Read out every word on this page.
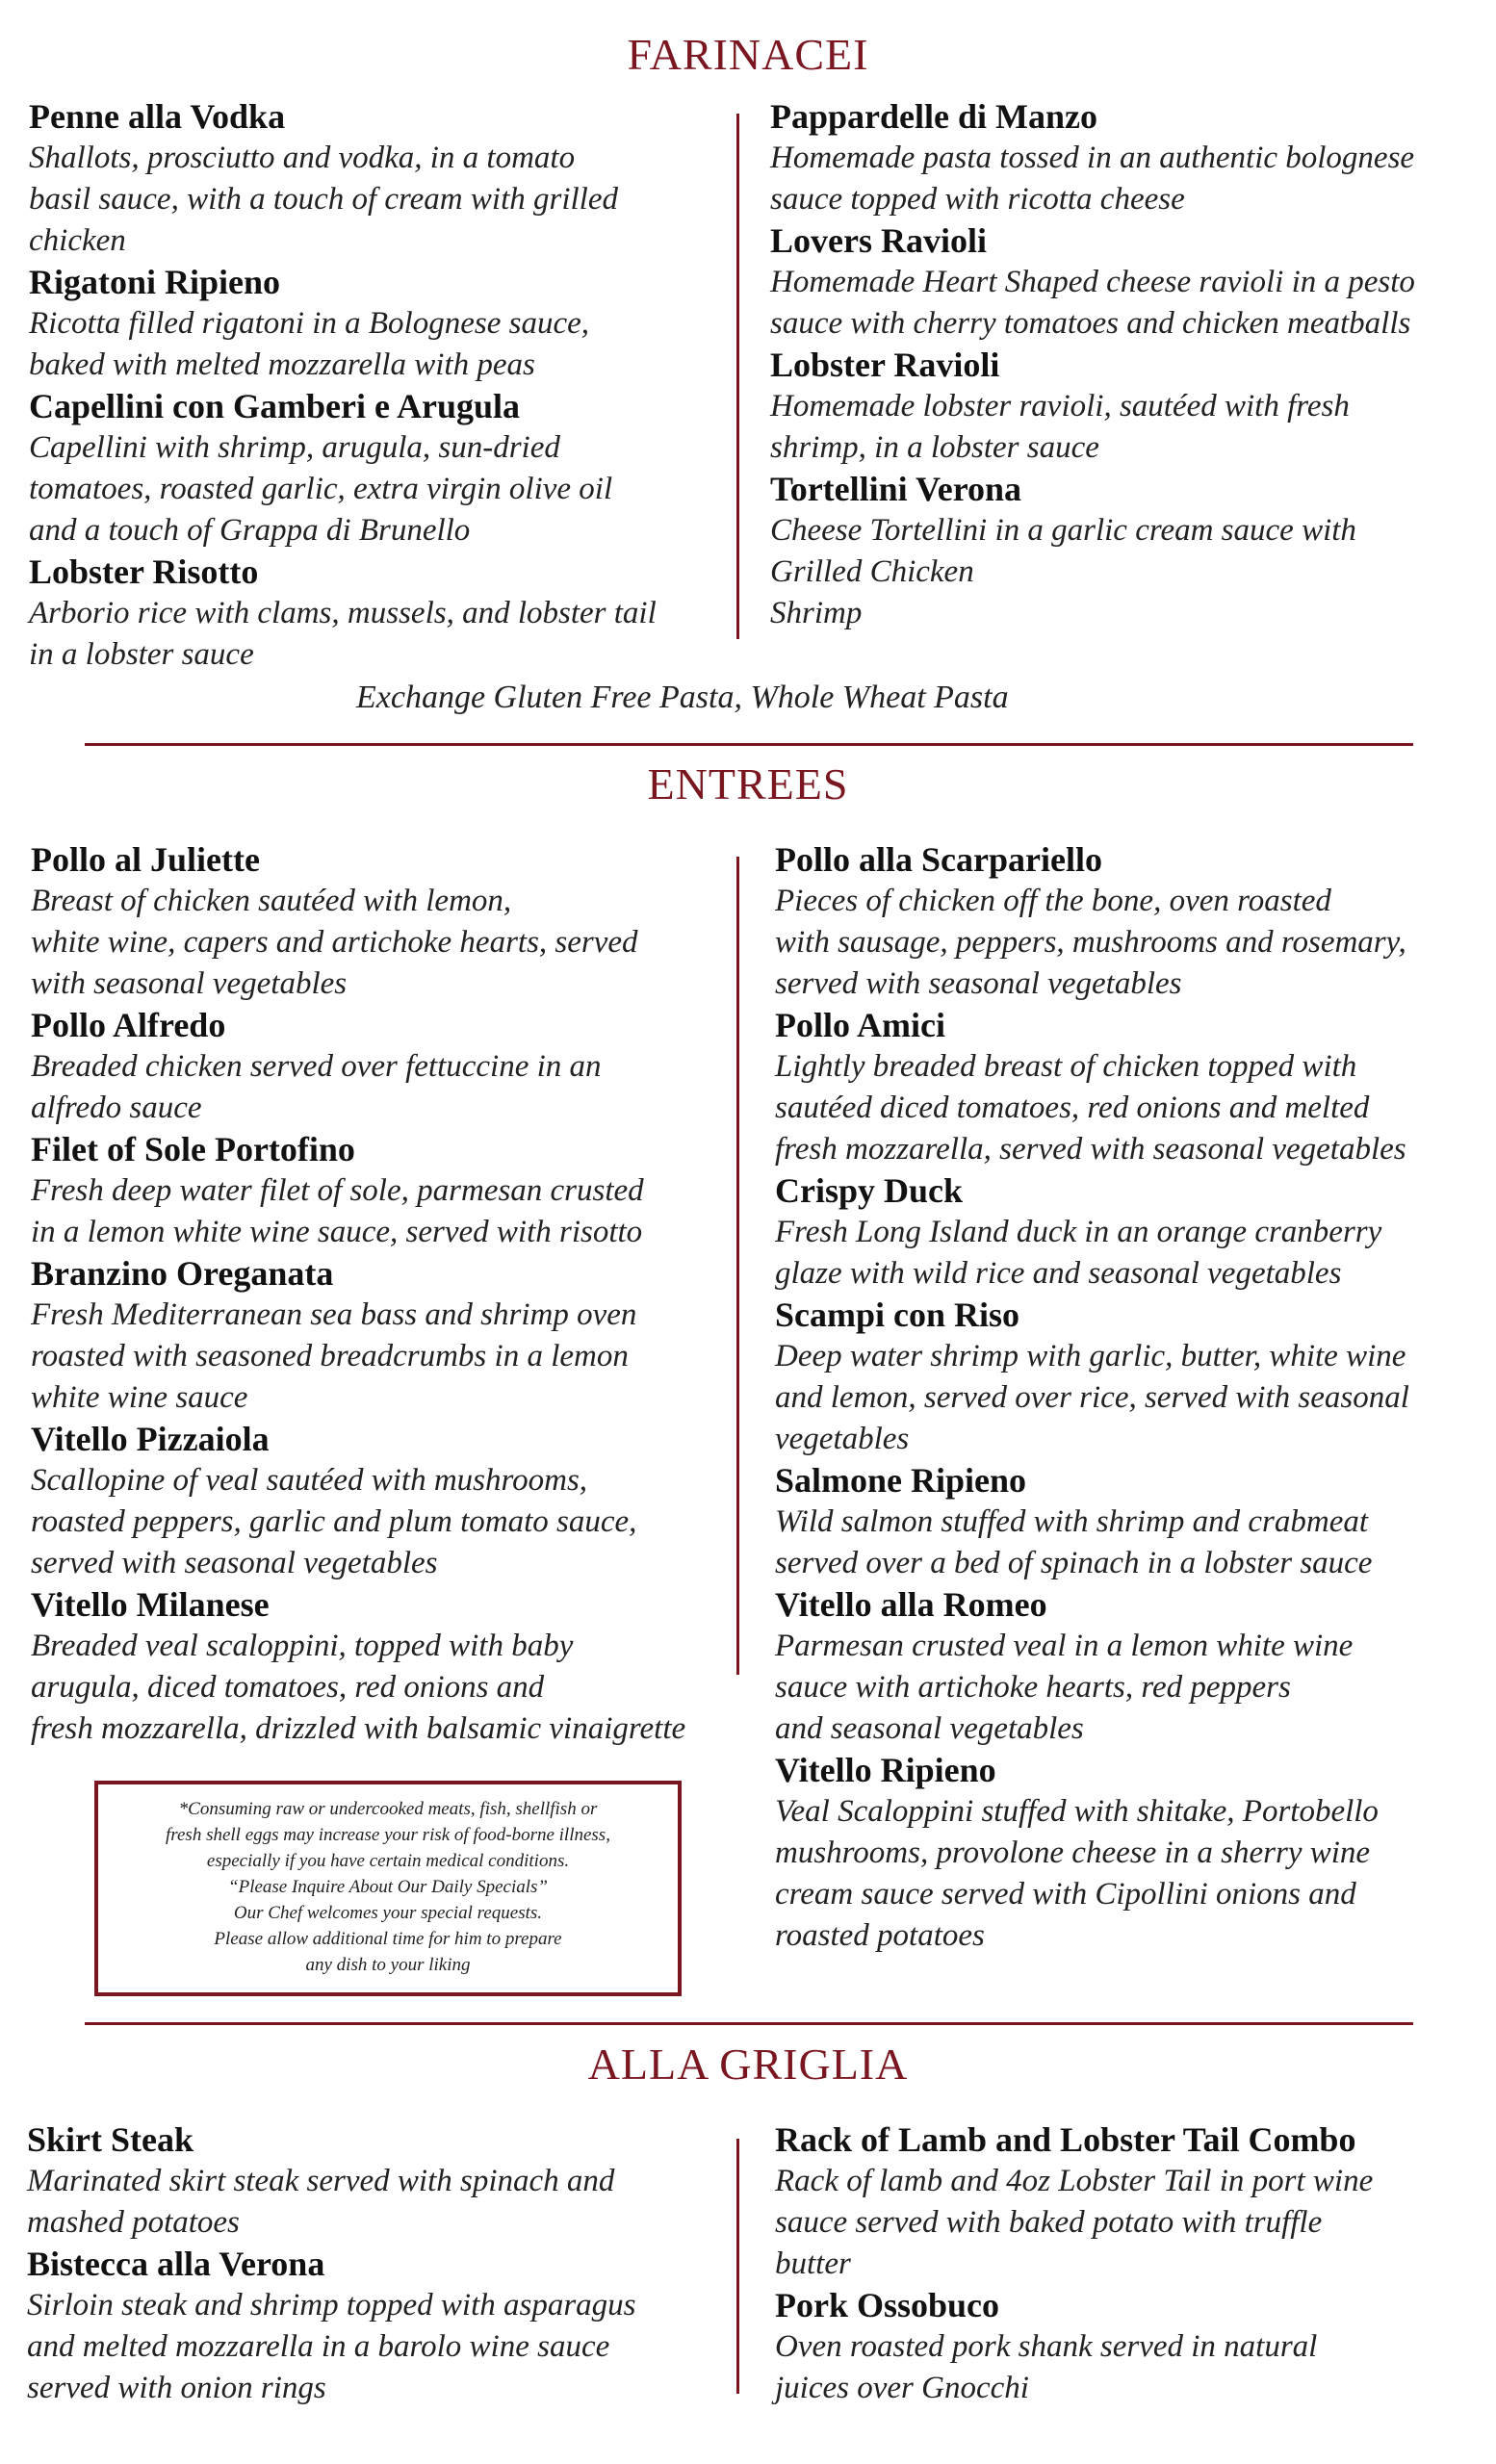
FARINACEI
Penne alla Vodka
Shallots, prosciutto and vodka, in a tomato
basil sauce, with a touch of cream with grilled
chicken
Rigatoni Ripieno
Ricotta filled rigatoni in a Bolognese sauce,
baked with melted mozzarella with peas
Capellini con Gamberi e Arugula
Capellini with shrimp, arugula, sun-dried
tomatoes, roasted garlic, extra virgin olive oil
and a touch of Grappa di Brunello
Lobster Risotto
Arborio rice with clams, mussels, and lobster tail
in a lobster sauce
Pappardelle di Manzo
Homemade pasta tossed in an authentic bolognese
sauce topped with ricotta cheese
Lovers Ravioli
Homemade Heart Shaped cheese ravioli in a pesto
sauce with cherry tomatoes and chicken meatballs
Lobster Ravioli
Homemade lobster ravioli, sautéed with fresh
shrimp, in a lobster sauce
Tortellini Verona
Cheese Tortellini in a garlic cream sauce with
Grilled Chicken
Shrimp
Exchange Gluten Free Pasta, Whole Wheat Pasta
ENTREES
Pollo al Juliette
Breast of chicken sautéed with lemon,
white wine, capers and artichoke hearts, served
with seasonal vegetables
Pollo Alfredo
Breaded chicken served over fettuccine in an
alfredo sauce
Filet of Sole Portofino
Fresh deep water filet of sole, parmesan crusted
in a lemon white wine sauce, served with risotto
Branzino Oreganata
Fresh Mediterranean sea bass and shrimp oven
roasted with seasoned breadcrumbs in a lemon
white wine sauce
Vitello Pizzaiola
Scallopine of veal sautéed with mushrooms,
roasted peppers, garlic and plum tomato sauce,
served with seasonal vegetables
Vitello Milanese
Breaded veal scaloppini, topped with baby
arugula, diced tomatoes, red onions and
fresh mozzarella, drizzled with balsamic vinaigrette
Pollo alla Scarpariello
Pieces of chicken off the bone, oven roasted
with sausage, peppers, mushrooms and rosemary,
served with seasonal vegetables
Pollo Amici
Lightly breaded breast of chicken topped with
sautéed diced tomatoes, red onions and melted
fresh mozzarella, served with seasonal vegetables
Crispy Duck
Fresh Long Island duck in an orange cranberry
glaze with wild rice and seasonal vegetables
Scampi con Riso
Deep water shrimp with garlic, butter, white wine
and lemon, served over rice, served with seasonal
vegetables
Salmone Ripieno
Wild salmon stuffed with shrimp and crabmeat
served over a bed of spinach in a lobster sauce
Vitello alla Romeo
Parmesan crusted veal in a lemon white wine
sauce with artichoke hearts, red peppers
and seasonal vegetables
Vitello Ripieno
Veal Scaloppini stuffed with shitake, Portobello
mushrooms, provolone cheese in a sherry wine
cream sauce served with Cipollini onions and
roasted potatoes
*Consuming raw or undercooked meats, fish, shellfish or
fresh shell eggs may increase your risk of food-borne illness,
especially if you have certain medical conditions.
“Please Inquire About Our Daily Specials”
Our Chef welcomes your special requests.
Please allow additional time for him to prepare
any dish to your liking
ALLA GRIGLIA
Skirt Steak
Marinated skirt steak served with spinach and
mashed potatoes
Bistecca alla Verona
Sirloin steak and shrimp topped with asparagus
and melted mozzarella in a barolo wine sauce
served with onion rings
Rack of Lamb and Lobster Tail Combo
Rack of lamb and 4oz Lobster Tail in port wine
sauce served with baked potato with truffle
butter
Pork Ossobuco
Oven roasted pork shank served in natural
juices over Gnocchi
